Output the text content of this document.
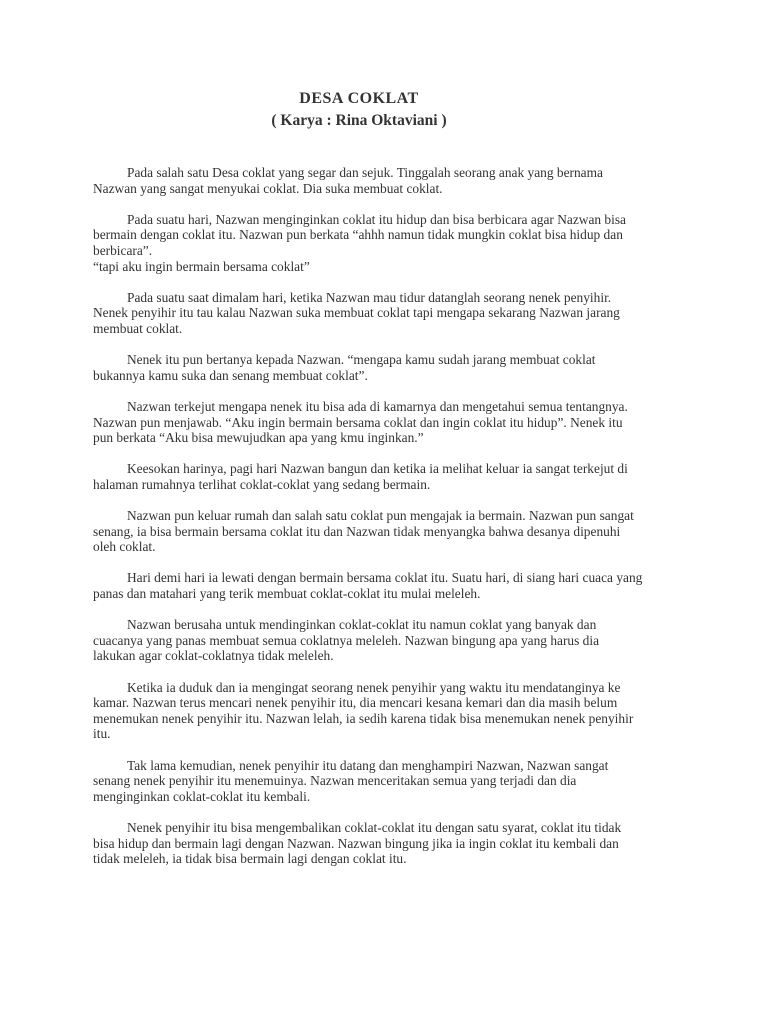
DESA COKLAT
( Karya : Rina Oktaviani )

Pada salah satu Desa coklat yang segar dan sejuk. Tinggalah seorang anak yang bernama
Nazwan yang sangat menyukai coklat. Dia suka membuat coklat.

Pada suatu hari, Nazwan menginginkan coklat itu hidup dan bisa berbicara agar Nazwan bisa
bermain dengan coklat itu. Nazwan pun berkata “ahhh namun tidak mungkin coklat bisa hidup dan
berbicara”.
“tapi aku ingin bermain bersama coklat”

Pada suatu saat dimalam hari, ketika Nazwan mau tidur datanglah seorang nenek penyihir.
Nenek penyihir itu tau kalau Nazwan suka membuat coklat tapi mengapa sekarang Nazwan jarang
membuat coklat.

Nenek itu pun bertanya kepada Nazwan. “mengapa kamu sudah jarang membuat coklat
bukannya kamu suka dan senang membuat coklat”.

Nazwan terkejut mengapa nenek itu bisa ada di kamarnya dan mengetahui semua tentangnya.
Nazwan pun menjawab. “Aku ingin bermain bersama coklat dan ingin coklat itu hidup”. Nenek itu
pun berkata “Aku bisa mewujudkan apa yang kmu inginkan.”

Keesokan harinya, pagi hari Nazwan bangun dan ketika ia melihat keluar ia sangat terkejut di
halaman rumahnya terlihat coklat-coklat yang sedang bermain.

Nazwan pun keluar rumah dan salah satu coklat pun mengajak ia bermain. Nazwan pun sangat
senang, ia bisa bermain bersama coklat itu dan Nazwan tidak menyangka bahwa desanya dipenuhi
oleh coklat.

Hari demi hari ia lewati dengan bermain bersama coklat itu. Suatu hari, di siang hari cuaca yang
panas dan matahari yang terik membuat coklat-coklat itu mulai meleleh.

Nazwan berusaha untuk mendinginkan coklat-coklat itu namun coklat yang banyak dan
cuacanya yang panas membuat semua coklatnya meleleh. Nazwan bingung apa yang harus dia
lakukan agar coklat-coklatnya tidak meleleh.

Ketika ia duduk dan ia mengingat seorang nenek penyihir yang waktu itu mendatanginya ke
kamar. Nazwan terus mencari nenek penyihir itu, dia mencari kesana kemari dan dia masih belum
menemukan nenek penyihir itu. Nazwan lelah, ia sedih karena tidak bisa menemukan nenek penyihir
itu.

Tak lama kemudian, nenek penyihir itu datang dan menghampiri Nazwan, Nazwan sangat
senang nenek penyihir itu menemuinya. Nazwan menceritakan semua yang terjadi dan dia
menginginkan coklat-coklat itu kembali.

Nenek penyihir itu bisa mengembalikan coklat-coklat itu dengan satu syarat, coklat itu tidak
bisa hidup dan bermain lagi dengan Nazwan. Nazwan bingung jika ia ingin coklat itu kembali dan
tidak meleleh, ia tidak bisa bermain lagi dengan coklat itu.
